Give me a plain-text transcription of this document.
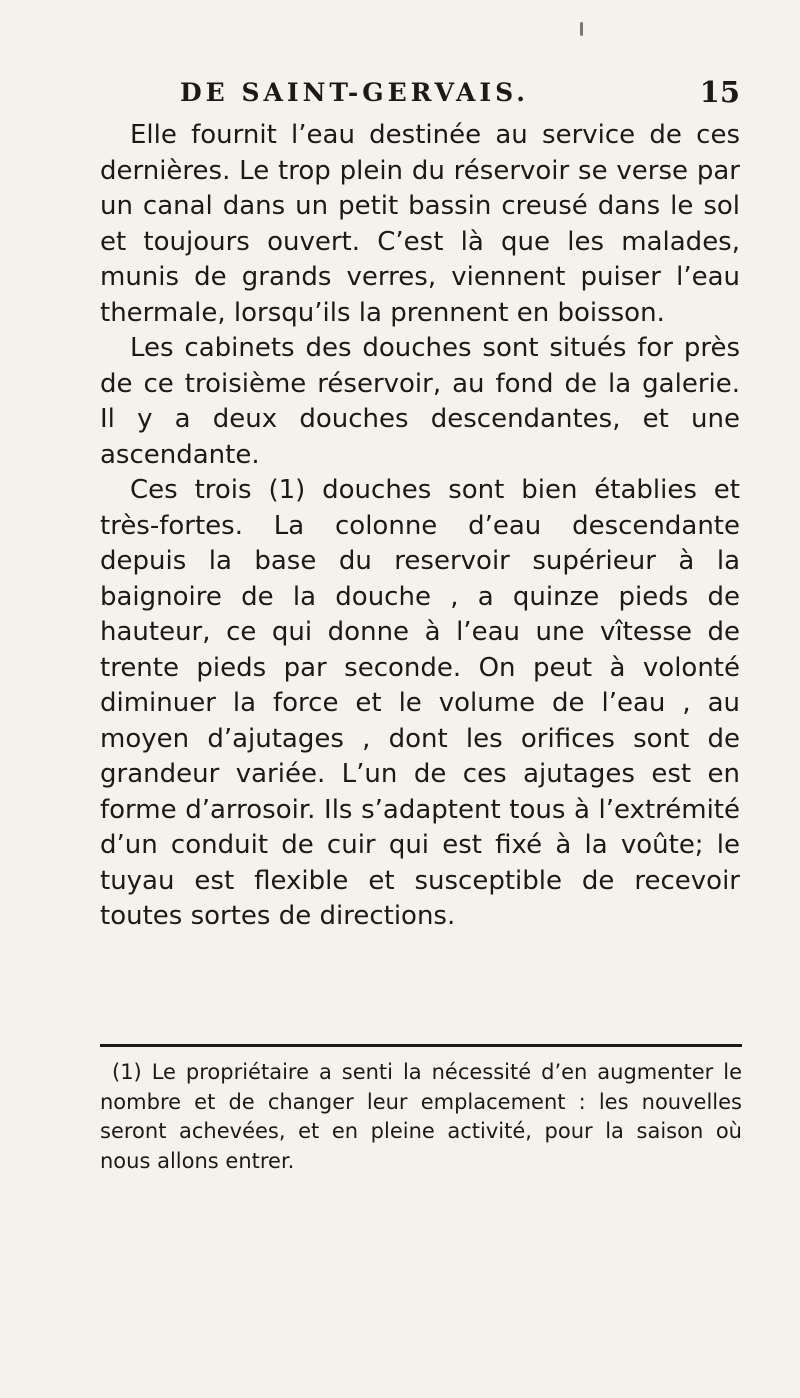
DE SAINT-GERVAIS.	15

Elle fournit l’eau destinée au service de ces dernières. Le trop plein du réservoir se verse par un canal dans un petit bassin creusé dans le sol et toujours ouvert. C’est là que les malades, munis de grands verres, viennent puiser l’eau thermale, lorsqu’ils la prennent en boisson.

Les cabinets des douches sont situés for près de ce troisième réservoir, au fond de la galerie. Il y a deux douches descendantes, et une ascendante.

Ces trois (1) douches sont bien établies et très-fortes. La colonne d’eau descendante depuis la base du reservoir supérieur à la baignoire de la douche , a quinze pieds de hauteur, ce qui donne à l’eau une vîtesse de trente pieds par seconde. On peut à volonté diminuer la force et le volume de l’eau , au moyen d’ajutages , dont les orifices sont de grandeur variée. L’un de ces ajutages est en forme d’arrosoir. Ils s’adaptent tous à l’extrémité d’un conduit de cuir qui est fixé à la voûte; le tuyau est flexible et susceptible de recevoir toutes sortes de directions.

(1) Le propriétaire a senti la nécessité d’en augmenter le nombre et de changer leur emplacement : les nouvelles seront achevées, et en pleine activité, pour la saison où nous allons entrer.
